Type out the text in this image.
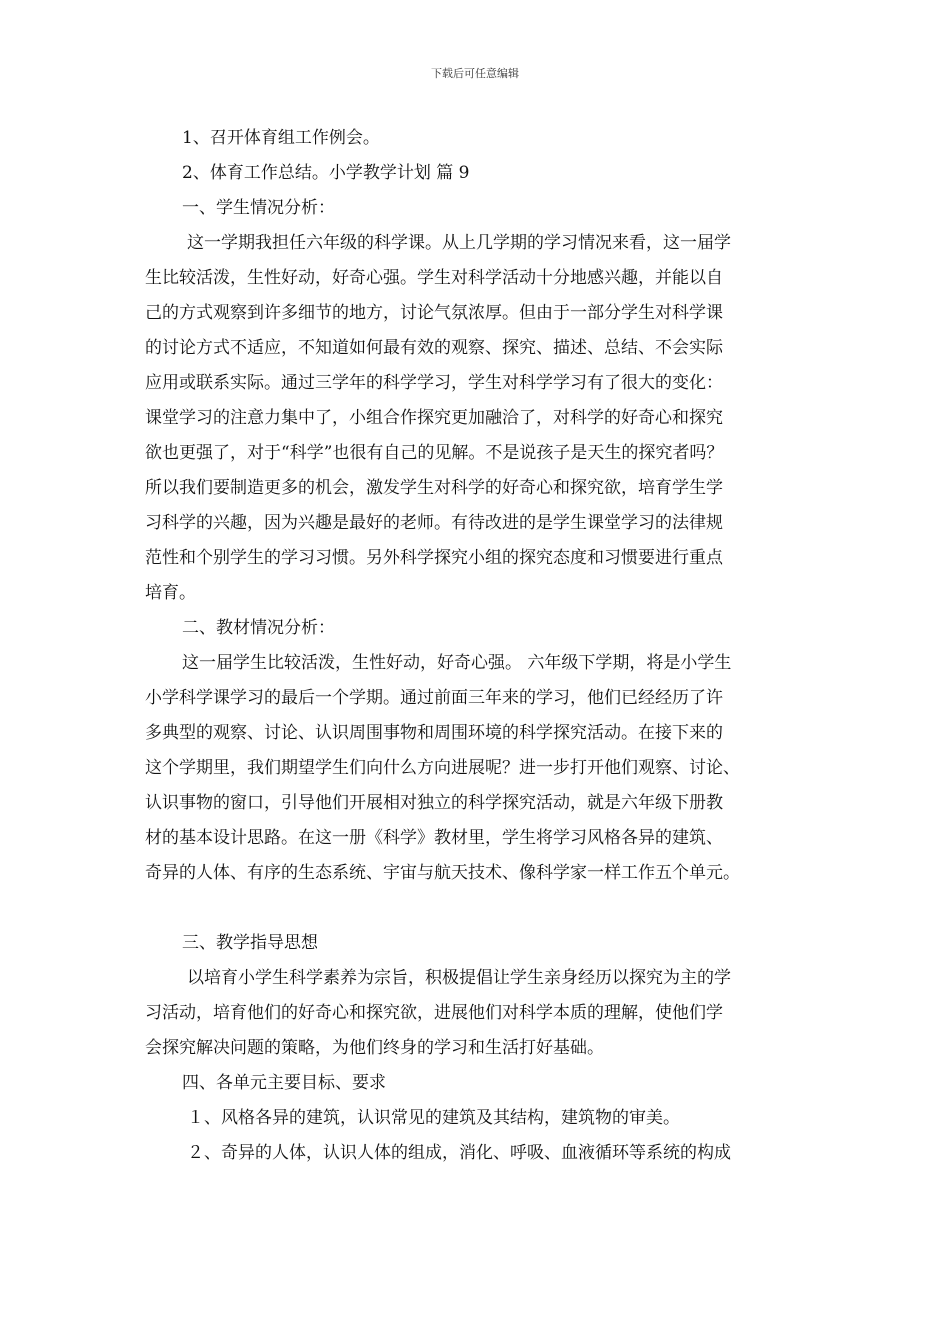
下载后可任意编辑
1、召开体育组工作例会。
2、体育工作总结。小学教学计划 篇 9
一、学生情况分析：
这一学期我担任六年级的科学课。从上几学期的学习情况来看，这一届学
生比较活泼，生性好动，好奇心强。学生对科学活动十分地感兴趣，并能以自
己的方式观察到许多细节的地方，讨论气氛浓厚。但由于一部分学生对科学课
的讨论方式不适应，不知道如何最有效的观察、探究、描述、总结、不会实际
应用或联系实际。通过三学年的科学学习，学生对科学学习有了很大的变化：
课堂学习的注意力集中了，小组合作探究更加融洽了，对科学的好奇心和探究
欲也更强了，对于“科学”也很有自己的见解。不是说孩子是天生的探究者吗？
所以我们要制造更多的机会，激发学生对科学的好奇心和探究欲，培育学生学
习科学的兴趣，因为兴趣是最好的老师。有待改进的是学生课堂学习的法律规
范性和个别学生的学习习惯。另外科学探究小组的探究态度和习惯要进行重点
培育。
二、教材情况分析：
这一届学生比较活泼，生性好动，好奇心强。 六年级下学期，将是小学生
小学科学课学习的最后一个学期。通过前面三年来的学习，他们已经经历了许
多典型的观察、讨论、认识周围事物和周围环境的科学探究活动。在接下来的
这个学期里，我们期望学生们向什么方向进展呢？进一步打开他们观察、讨论、
认识事物的窗口，引导他们开展相对独立的科学探究活动，就是六年级下册教
材的基本设计思路。在这一册《科学》教材里，学生将学习风格各异的建筑、
奇异的人体、有序的生态系统、宇宙与航天技术、像科学家一样工作五个单元。
三、教学指导思想
以培育小学生科学素养为宗旨，积极提倡让学生亲身经历以探究为主的学
习活动，培育他们的好奇心和探究欲，进展他们对科学本质的理解，使他们学
会探究解决问题的策略，为他们终身的学习和生活打好基础。
四、各单元主要目标、要求
１、风格各异的建筑，认识常见的建筑及其结构，建筑物的审美。
２、奇异的人体，认识人体的组成，消化、呼吸、血液循环等系统的构成
